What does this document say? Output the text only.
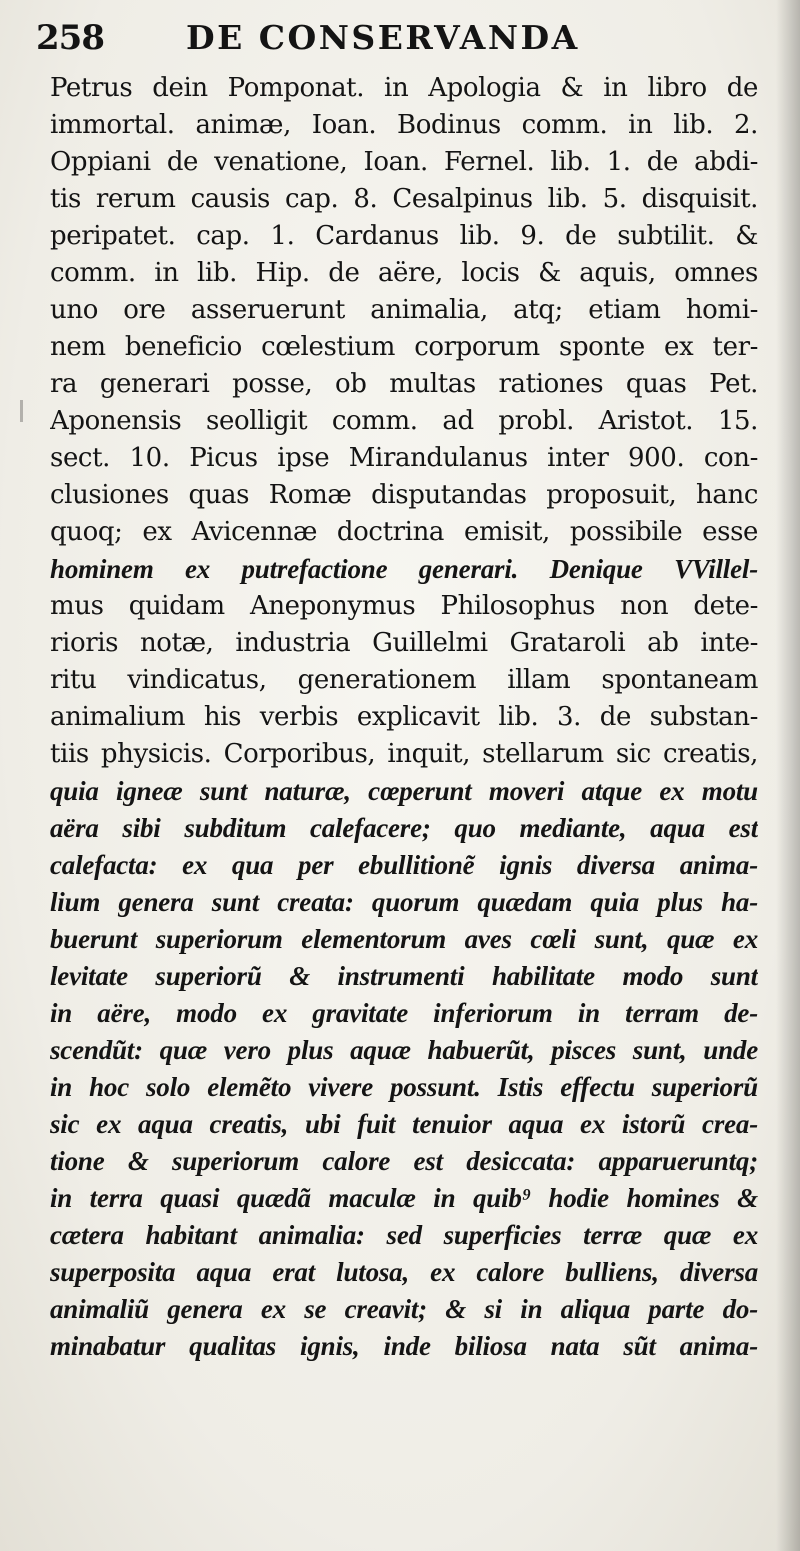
258 DE CONSERVANDA
Petrus dein Pomponat. in Apologia & in libro de
immortal. animæ, Ioan. Bodinus comm. in lib. 2.
Oppiani de venatione, Ioan. Fernel. lib. 1. de abdi-
tis rerum causis cap. 8. Cesalpinus lib. 5. disquisit.
peripatet. cap. 1. Cardanus lib. 9. de subtilit. &
comm. in lib. Hip. de aëre, locis & aquis, omnes
uno ore asseruerunt animalia, atq; etiam homi-
nem beneficio cœlestium corporum sponte ex ter-
ra generari posse, ob multas rationes quas Pet.
Aponensis seolligit comm. ad probl. Aristot. 15.
sect. 10. Picus ipse Mirandulanus inter 900. con-
clusiones quas Romæ disputandas proposuit, hanc
quoq; ex Avicennæ doctrina emisit, possibile esse
hominem ex putrefactione generari. Denique VVillel-
mus quidam Aneponymus Philosophus non dete-
rioris notæ, industria Guillelmi Grataroli ab inte-
ritu vindicatus, generationem illam spontaneam
animalium his verbis explicavit lib. 3. de substan-
tiis physicis. Corporibus, inquit, stellarum sic creatis,
quia igneæ sunt naturæ, cœperunt moveri atque ex motu
aëra sibi subditum calefacere; quo mediante, aqua est
calefacta: ex qua per ebullitionẽ ignis diversa anima-
lium genera sunt creata: quorum quædam quia plus ha-
buerunt superiorum elementorum aves cœli sunt, quæ ex
levitate superiorũ & instrumenti habilitate modo sunt
in aëre, modo ex gravitate inferiorum in terram de-
scendũt: quæ vero plus aquæ habuerũt, pisces sunt, unde
in hoc solo elemẽto vivere possunt. Istis effectu superiorũ
sic ex aqua creatis, ubi fuit tenuior aqua ex istorũ crea-
tione & superiorum calore est desiccata: apparueruntq;
in terra quasi quædã maculæ in quib⁹ hodie homines &
cætera habitant animalia: sed superficies terræ quæ ex
superposita aqua erat lutosa, ex calore bulliens, diversa
animaliũ genera ex se creavit; & si in aliqua parte do-
minabatur qualitas ignis, inde biliosa nata sũt anima-
